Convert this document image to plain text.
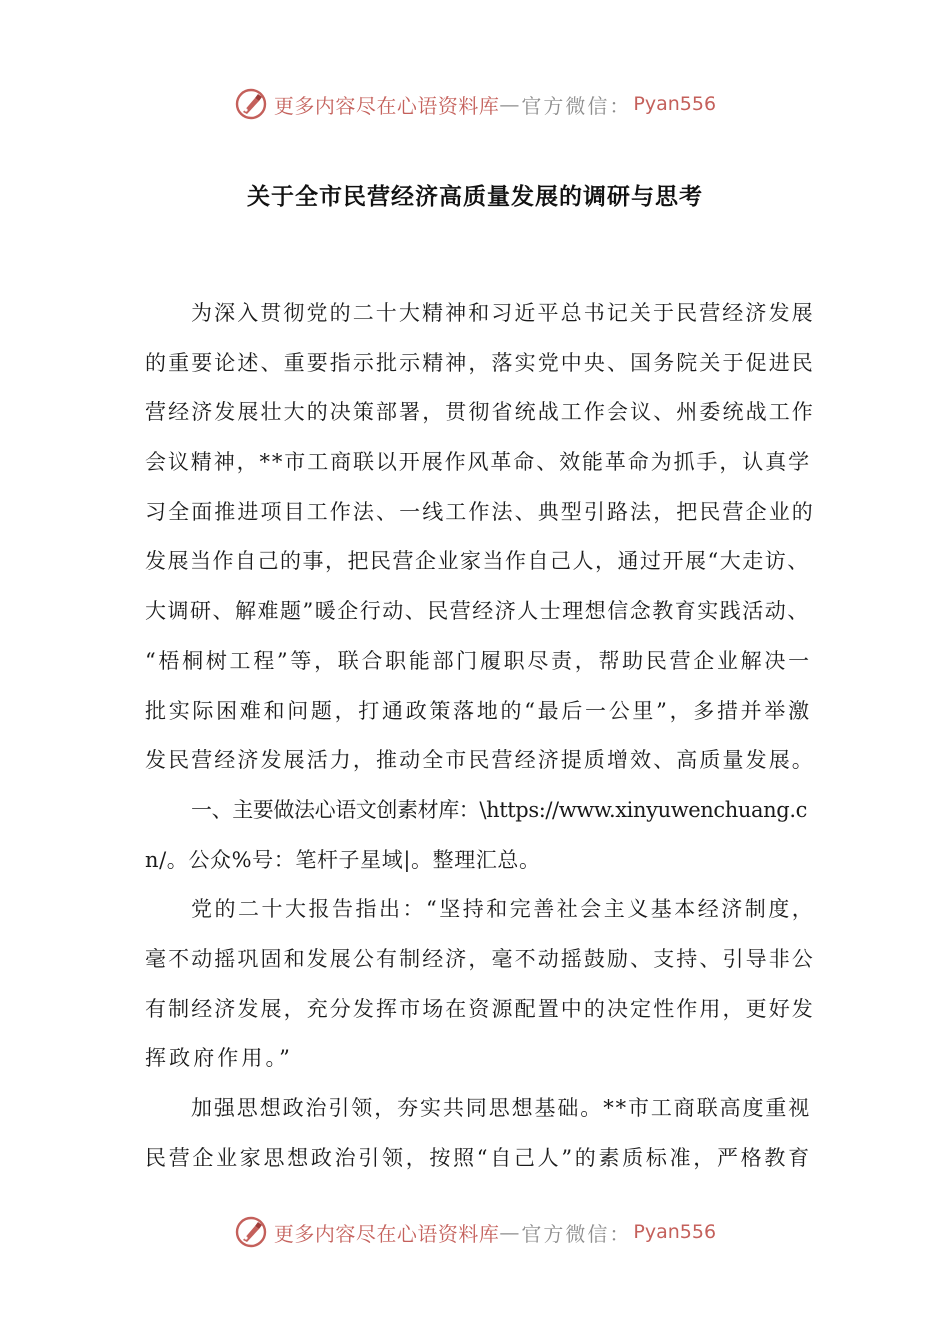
更多内容尽在心语资料库 — 官方微信： Pyan556
关于全市民营经济高质量发展的调研与思考
为深入贯彻党的二十大精神和习近平总书记关于民营经济发展
的重要论述、重要指示批示精神，落实党中央、国务院关于促进民
营经济发展壮大的决策部署，贯彻省统战工作会议、州委统战工作
会议精神，**市工商联以开展作风革命、效能革命为抓手，认真学
习全面推进项目工作法、一线工作法、典型引路法，把民营企业的
发展当作自己的事，把民营企业家当作自己人，通过开展“大走访、
大调研、解难题”暖企行动、民营经济人士理想信念教育实践活动、
“梧桐树工程”等，联合职能部门履职尽责，帮助民营企业解决一
批实际困难和问题，打通政策落地的“最后一公里”，多措并举激
发民营经济发展活力，推动全市民营经济提质增效、高质量发展。
一、主要做法心语文创素材库：\https://www.xinyuwenchuang.c
n/。公众%号：笔杆子星域|。整理汇总。
党的二十大报告指出：“坚持和完善社会主义基本经济制度，
毫不动摇巩固和发展公有制经济，毫不动摇鼓励、支持、引导非公
有制经济发展，充分发挥市场在资源配置中的决定性作用，更好发
挥政府作用。”
加强思想政治引领，夯实共同思想基础。**市工商联高度重视
民营企业家思想政治引领，按照“自己人”的素质标准，严格教育
更多内容尽在心语资料库 — 官方微信： Pyan556
